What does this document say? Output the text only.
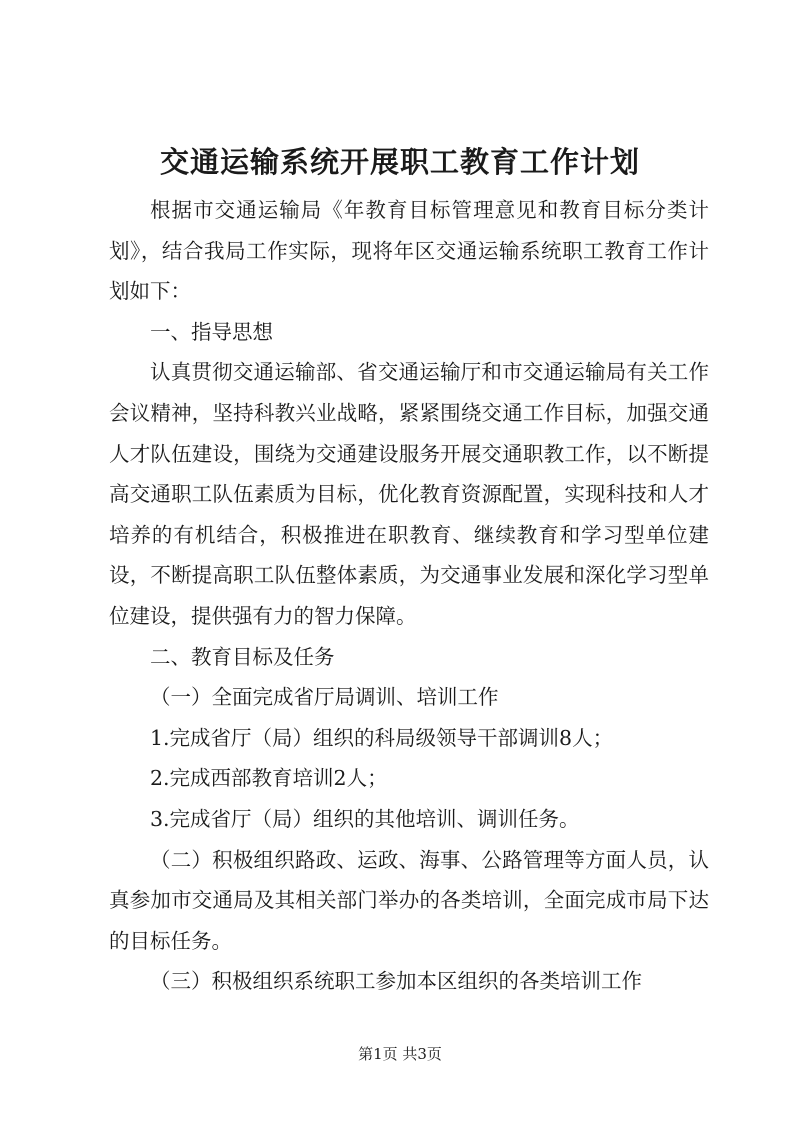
交通运输系统开展职工教育工作计划

根据市交通运输局《年教育目标管理意见和教育目标分类计划》，结合我局工作实际，现将年区交通运输系统职工教育工作计划如下：

一、指导思想

认真贯彻交通运输部、省交通运输厅和市交通运输局有关工作会议精神，坚持科教兴业战略，紧紧围绕交通工作目标，加强交通人才队伍建设，围绕为交通建设服务开展交通职教工作，以不断提高交通职工队伍素质为目标，优化教育资源配置，实现科技和人才培养的有机结合，积极推进在职教育、继续教育和学习型单位建设，不断提高职工队伍整体素质，为交通事业发展和深化学习型单位建设，提供强有力的智力保障。

二、教育目标及任务

（一）全面完成省厅局调训、培训工作

1.完成省厅（局）组织的科局级领导干部调训8人；

2.完成西部教育培训2人；

3.完成省厅（局）组织的其他培训、调训任务。

（二）积极组织路政、运政、海事、公路管理等方面人员，认真参加市交通局及其相关部门举办的各类培训，全面完成市局下达的目标任务。

（三）积极组织系统职工参加本区组织的各类培训工作

第1页 共3页
